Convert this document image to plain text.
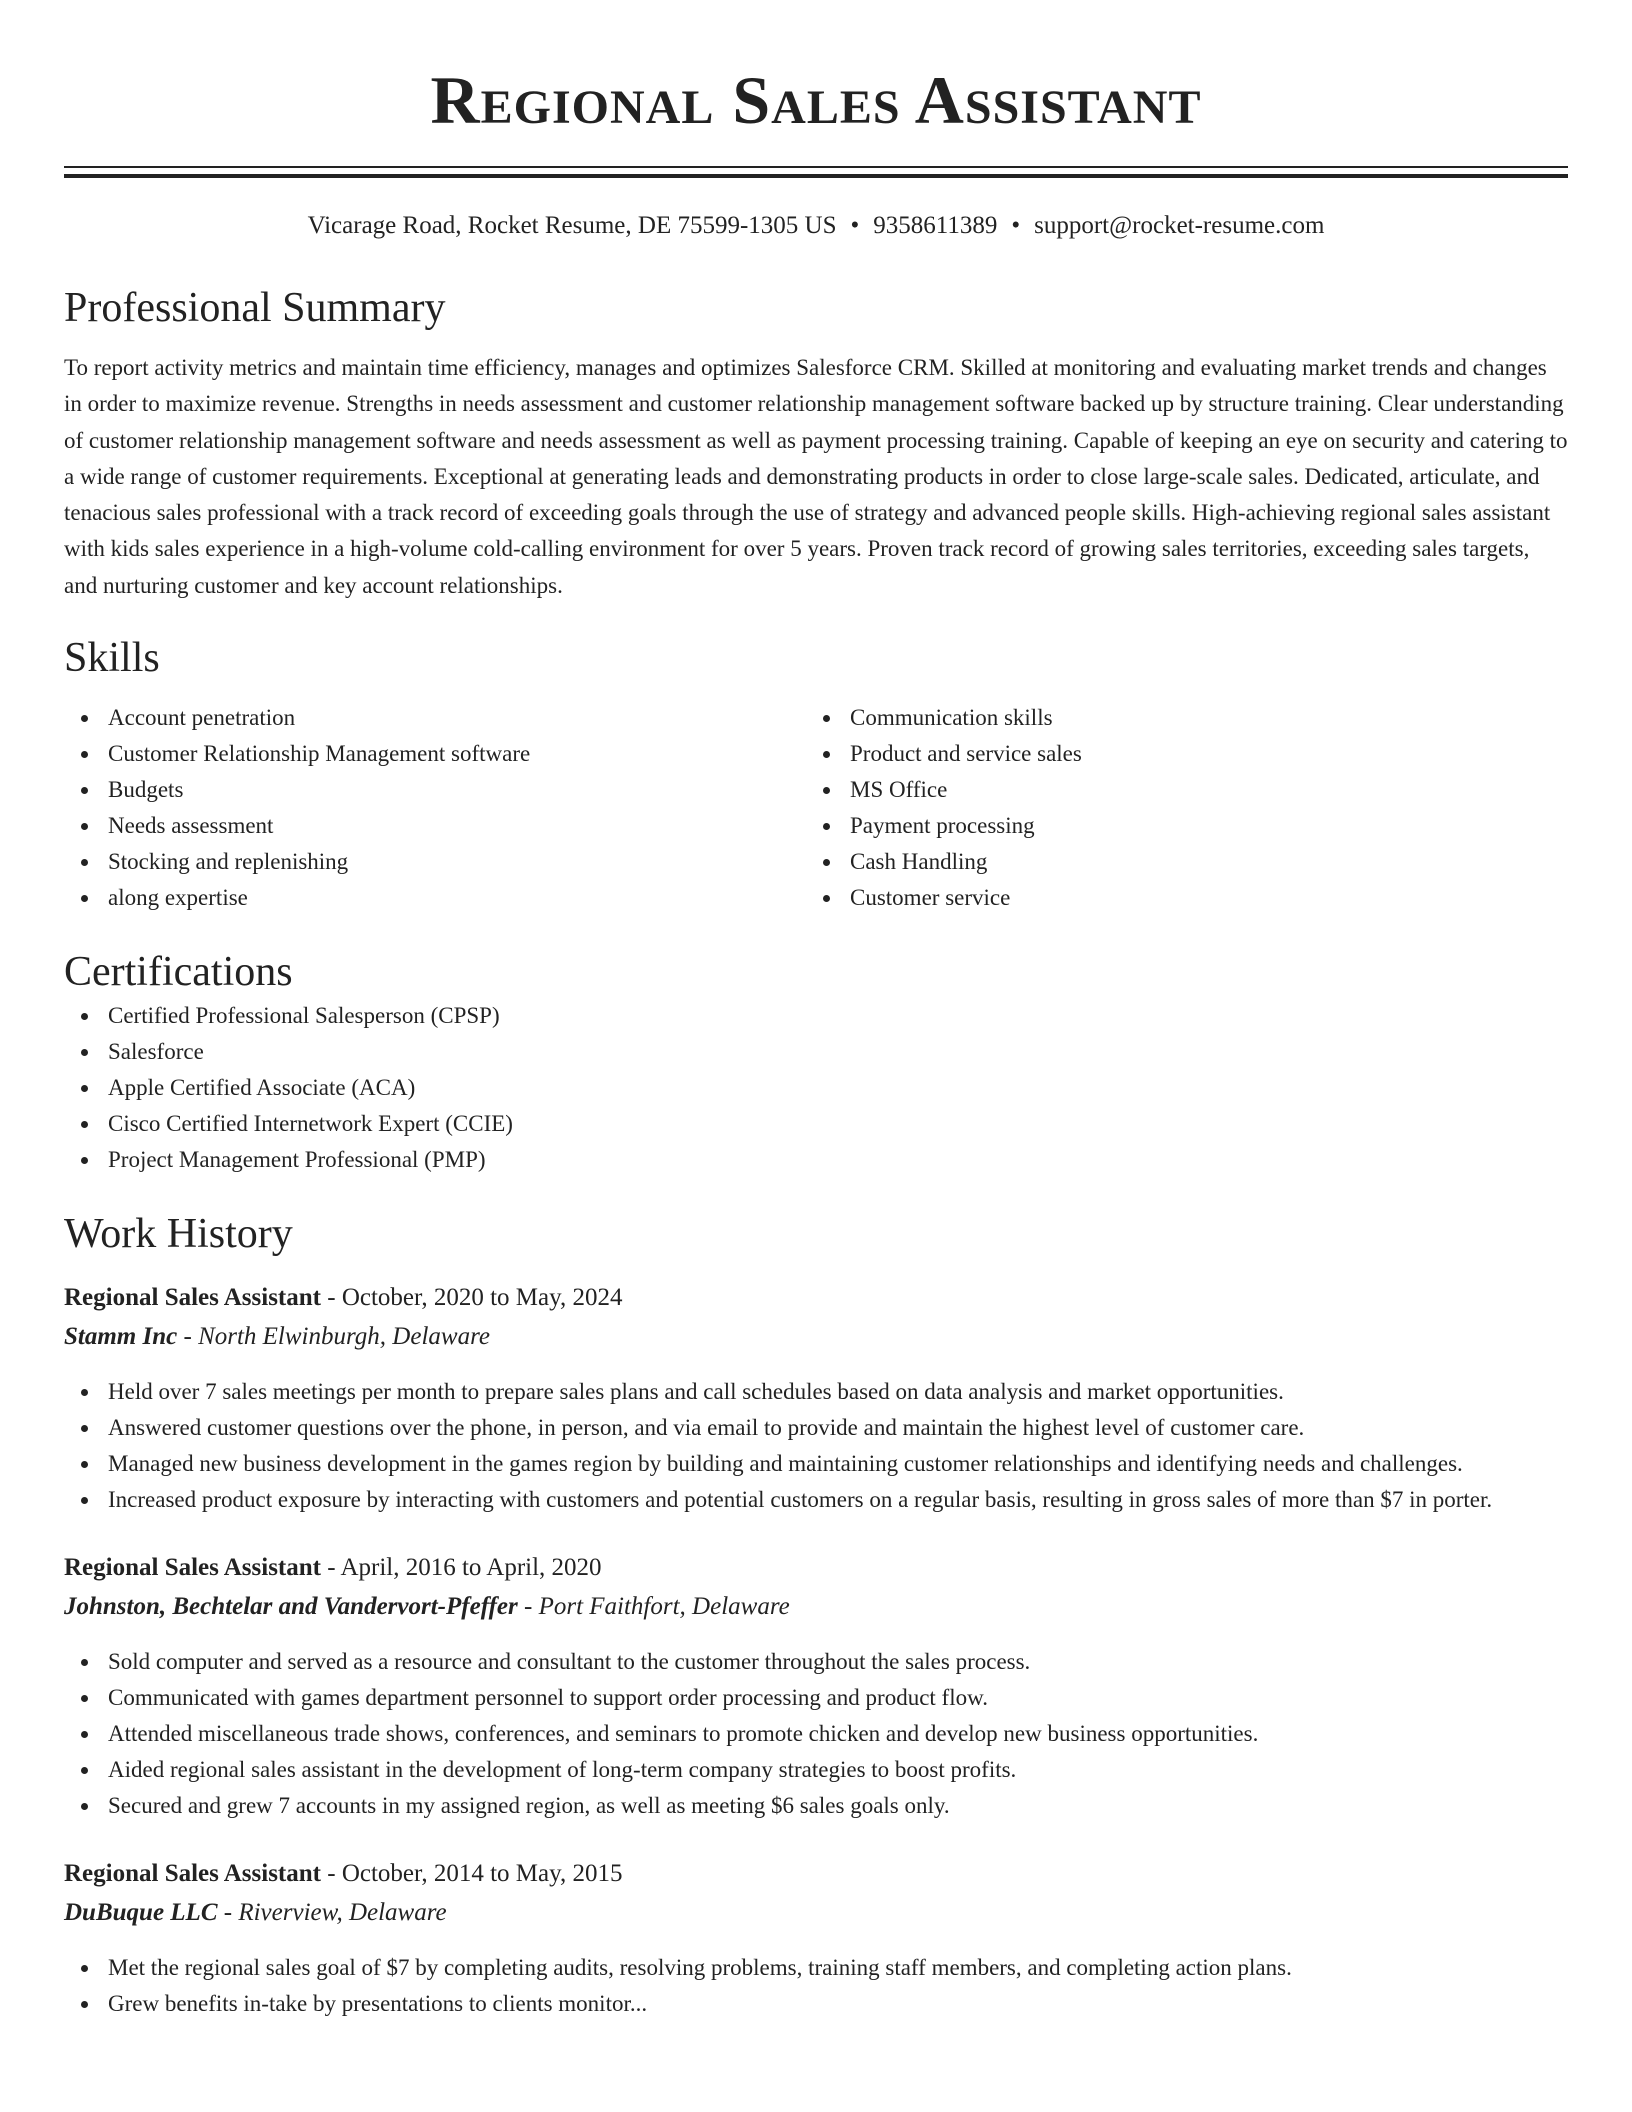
Regional Sales Assistant
Vicarage Road, Rocket Resume, DE 75599-1305 US • 9358611389 • support@rocket-resume.com
Professional Summary

To report activity metrics and maintain time efficiency, manages and optimizes Salesforce CRM. Skilled at monitoring and evaluating market trends and changes in order to maximize revenue. Strengths in needs assessment and customer relationship management software backed up by structure training. Clear understanding of customer relationship management software and needs assessment as well as payment processing training. Capable of keeping an eye on security and catering to a wide range of customer requirements. Exceptional at generating leads and demonstrating products in order to close large-scale sales. Dedicated, articulate, and tenacious sales professional with a track record of exceeding goals through the use of strategy and advanced people skills. High-achieving regional sales assistant with kids sales experience in a high-volume cold-calling environment for over 5 years. Proven track record of growing sales territories, exceeding sales targets, and nurturing customer and key account relationships.

Skills
Account penetration
Customer Relationship Management software
Budgets
Needs assessment
Stocking and replenishing
along expertise
Communication skills
Product and service sales
MS Office
Payment processing
Cash Handling
Customer service
Certifications
Certified Professional Salesperson (CPSP)
Salesforce
Apple Certified Associate (ACA)
Cisco Certified Internetwork Expert (CCIE)
Project Management Professional (PMP)
Work History
Regional Sales Assistant - October, 2020 to May, 2024
Stamm Inc - North Elwinburgh, Delaware
Held over 7 sales meetings per month to prepare sales plans and call schedules based on data analysis and market opportunities.
Answered customer questions over the phone, in person, and via email to provide and maintain the highest level of customer care.
Managed new business development in the games region by building and maintaining customer relationships and identifying needs and challenges.
Increased product exposure by interacting with customers and potential customers on a regular basis, resulting in gross sales of more than $7 in porter.
Regional Sales Assistant - April, 2016 to April, 2020
Johnston, Bechtelar and Vandervort-Pfeffer - Port Faithfort, Delaware
Sold computer and served as a resource and consultant to the customer throughout the sales process.
Communicated with games department personnel to support order processing and product flow.
Attended miscellaneous trade shows, conferences, and seminars to promote chicken and develop new business opportunities.
Aided regional sales assistant in the development of long-term company strategies to boost profits.
Secured and grew 7 accounts in my assigned region, as well as meeting $6 sales goals only.
Regional Sales Assistant - October, 2014 to May, 2015
DuBuque LLC - Riverview, Delaware
Met the regional sales goal of $7 by completing audits, resolving problems, training staff members, and completing action plans.
Grew benefits in-take by presentations to clients monitor...
